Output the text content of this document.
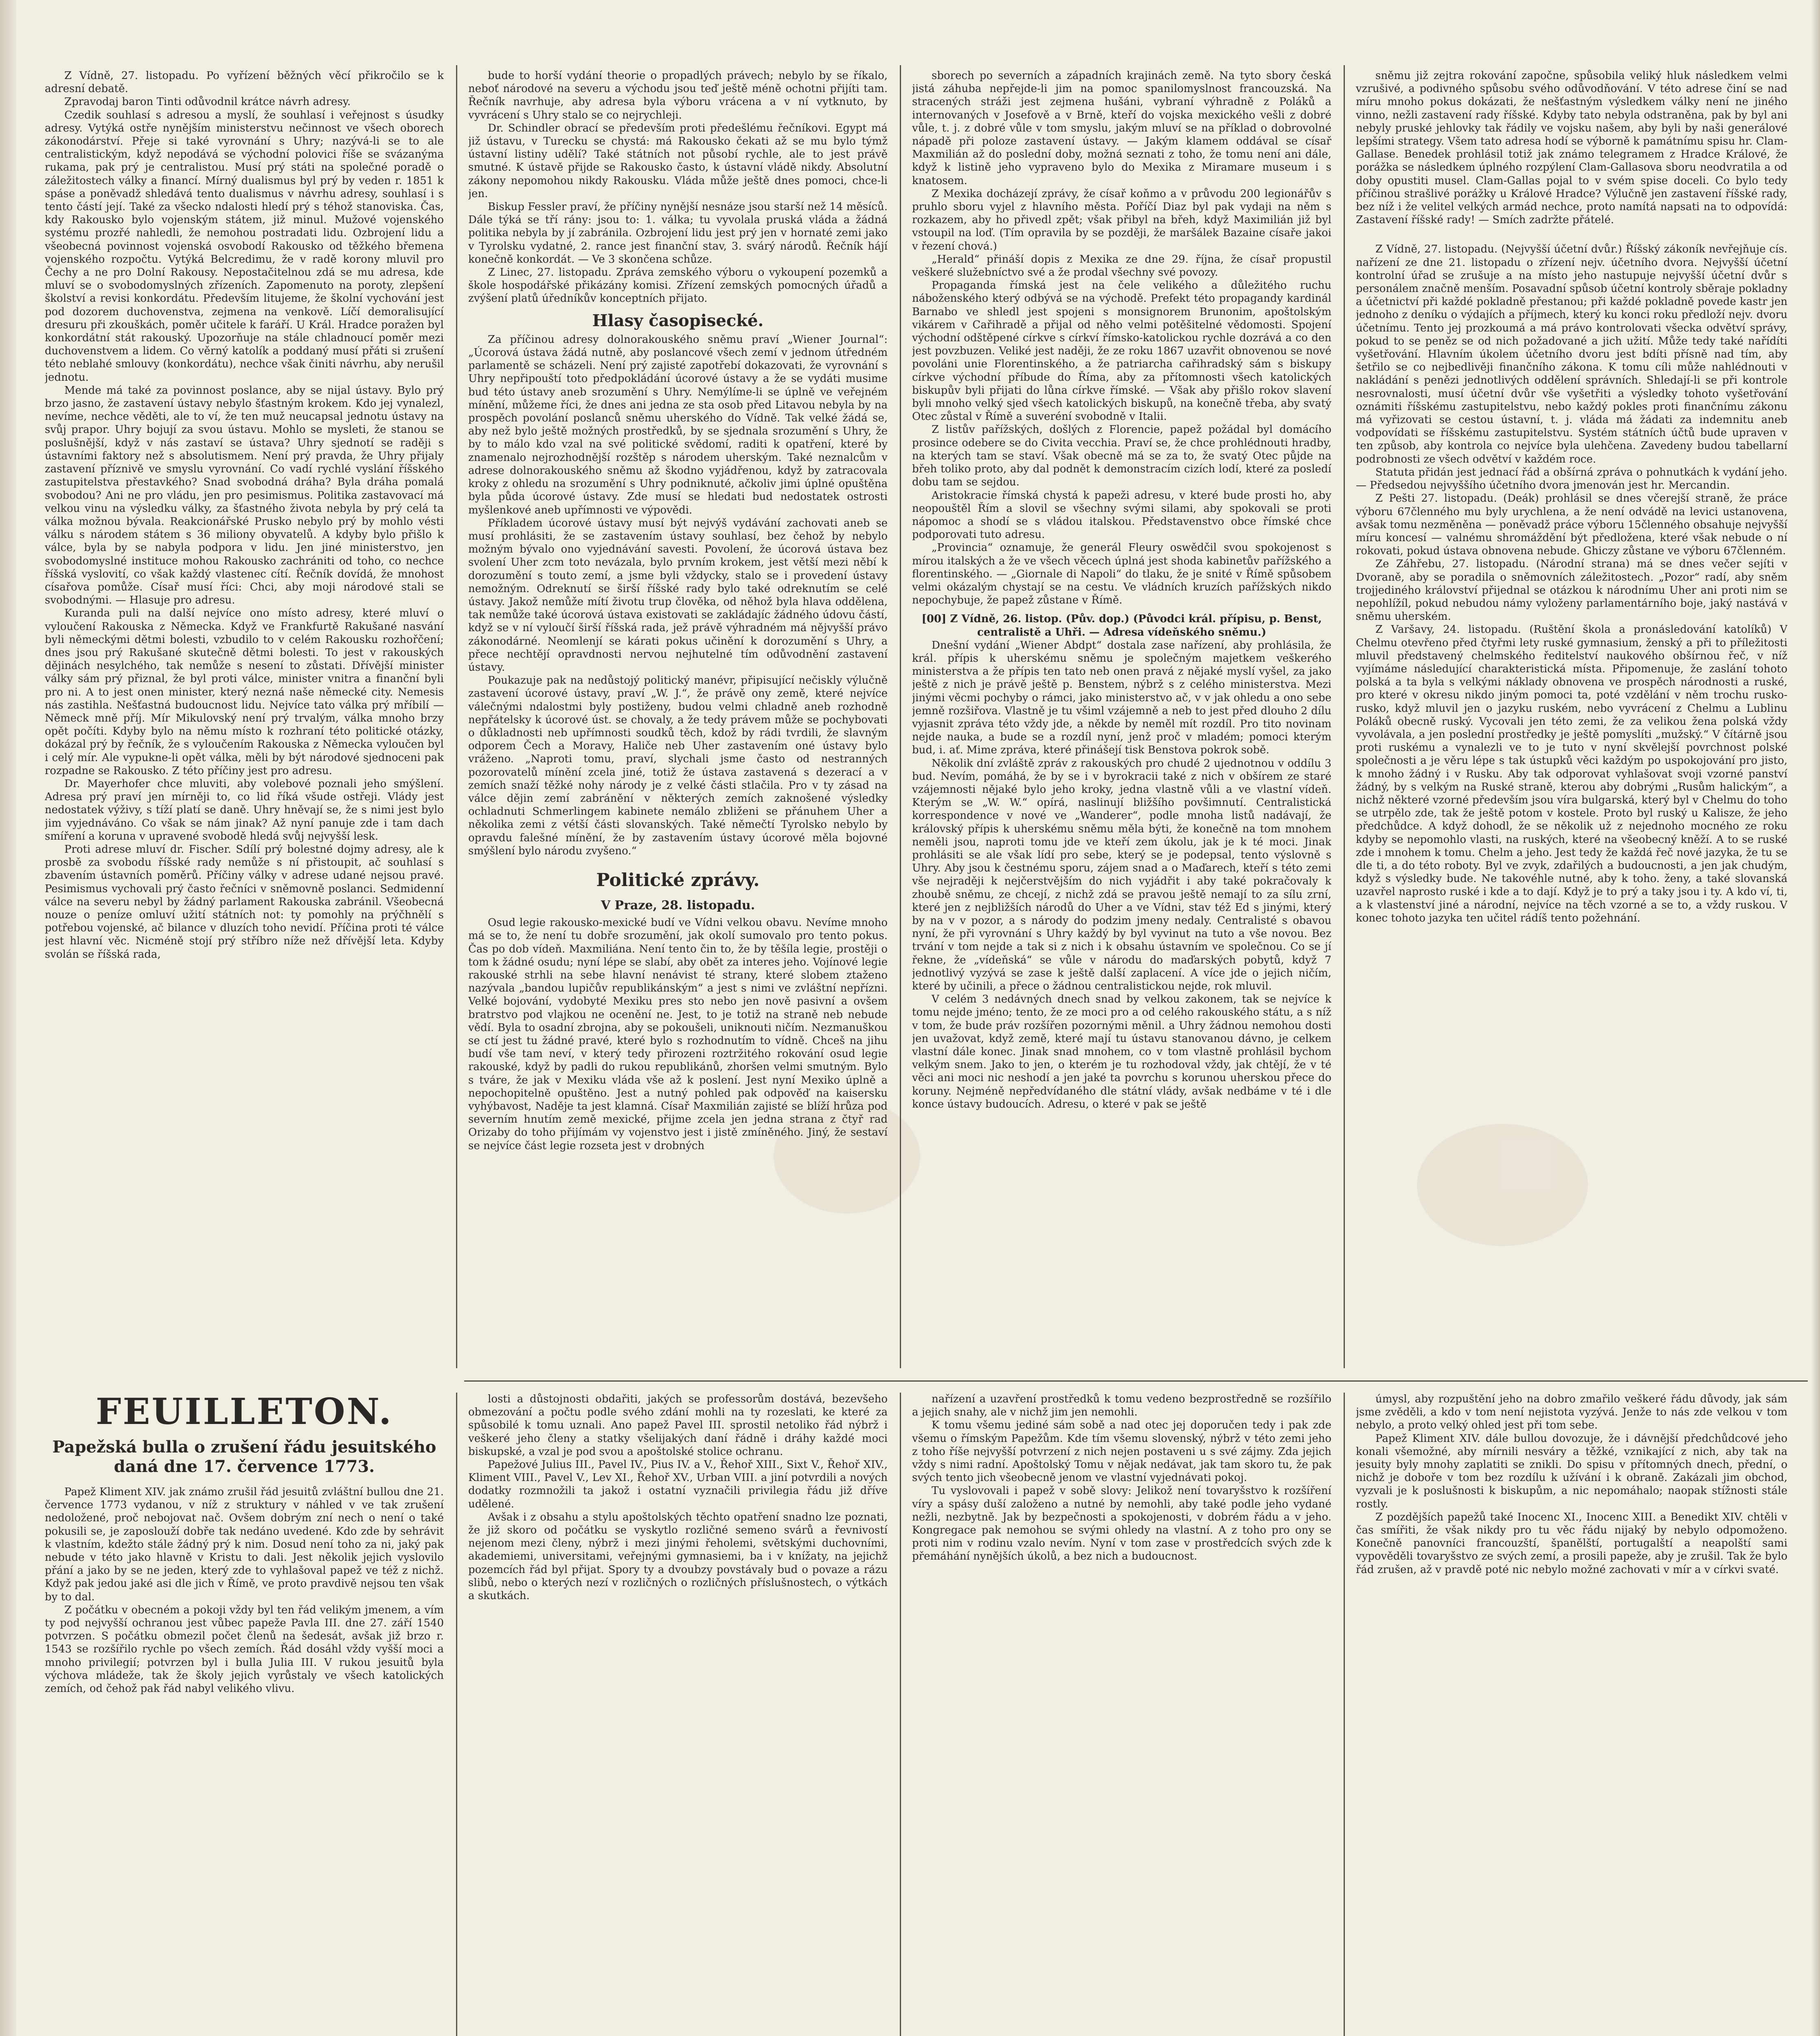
Z Vídně, 27. listopadu. Po vyřízení běžných věcí přikročilo se k adresní debatě.

Zpravodaj baron Tinti odůvodnil krátce návrh adresy.

Czedik souhlasí s adresou a myslí, že souhlasí i veřejnost s úsudky adresy. Vytýká ostře nynějším ministerstvu nečinnost ve všech oborech zákonodárství. Přeje si také vyrovnání s Uhry; nazývá-li se to ale centralistickým, když nepodává se východní polovici říše se svázanýma rukama, pak prý je centralistou. Musí prý státi na společné poradě o záležitostech války a financí. Mírný dualismus byl prý by veden r. 1851 k spáse a poněvadž shledává tento dualismus v návrhu adresy, souhlasí i s tento částí její. Také za všecko ndalosti hledí prý s téhož stanoviska. Čas, kdy Rakousko bylo vojenským státem, již minul. Mužové vojenského systému prozřé nahledli, že nemohou postradati lidu. Ozbrojení lidu a všeobecná povinnost vojenská osvobodí Rakousko od těžkého břemena vojenského rozpočtu. Vytýká Belcredimu, že v radě korony mluvil pro Čechy a ne pro Dolní Rakousy. Nepostačitelnou zdá se mu adresa, kde mluví se o svobodomyslných zřízeních. Zapomenuto na poroty, zlepšení školství a revisi konkordátu. Především litujeme, že školní vychování jest pod dozorem duchovenstva, zejmena na venkově. Líčí demoralisující dresuru při zkouškách, poměr učitele k faráří. U Král. Hradce poražen byl konkordátní stát rakouský. Upozorňuje na stále chladnoucí poměr mezi duchovenstvem a lidem. Co věrný katolík a poddaný musí přáti si zrušení této neblahé smlouvy (konkordátu), nechce však činiti návrhu, aby nerušil jednotu.

Mende má také za povinnost poslance, aby se nijal ústavy. Bylo prý brzo jasno, že zastavení ústavy nebylo šťastným krokem. Kdo jej vynalezl, nevíme, nechce věděti, ale to ví, že ten muž neucapsal jednotu ústavy na svůj prapor. Uhry bojují za svou ústavu. Mohlo se mysleti, že stanou se poslušnější, když v nás zastaví se ústava? Uhry sjednotí se raději s ústavními faktory než s absolutismem. Není prý pravda, že Uhry přijaly zastavení příznivě ve smyslu vyrovnání. Co vadí rychlé vyslání říšského zastupitelstva přestavkého? Snad svobodná dráha? Byla dráha pomalá svobodou? Ani ne pro vládu, jen pro pesimismus. Politika zastavovací má velkou vinu na výsledku války, za šťastného života nebyla by prý celá ta válka možnou bývala. Reakcionářské Prusko nebylo prý by mohlo vésti válku s národem státem s 36 miliony obyvatelů. A kdyby bylo přišlo k válce, byla by se nabyla podpora v lidu. Jen jiné ministerstvo, jen svobodomyslné instituce mohou Rakousko zachrániti od toho, co nechce říšská vyslovití, co však každý vlastenec cítí. Řečník dovídá, že mnohost císařova pomůže. Císař musí říci: Chci, aby moji národové stali se svobodnými. — Hlasuje pro adresu.

Kuranda puli na další nejvíce ono místo adresy, které mluví o vyloučení Rakouska z Německa. Když ve Frankfurtě Rakušané nasvání byli německými dětmi bolesti, vzbudilo to v celém Rakousku rozhořčení; dnes jsou prý Rakušané skutečně dětmi bolesti. To jest v rakouských dějinách nesylchého, tak nemůže s nesení to zůstati. Dřívější minister války sám prý přiznal, že byl proti válce, minister vnitra a finanční byli pro ni. A to jest onen minister, který nezná naše německé city. Nemesis nás zastihla. Nešťastná budoucnost lidu. Nejvíce tato válka prý mříbilí — Německ mně příj. Mír Mikulovský není prý trvalým, válka mnoho brzy opět počíti. Kdyby bylo na němu místo k rozhraní této politické otázky, dokázal prý by řečník, že s vyloučením Rakouska z Německa vyloučen byl i celý mír. Ale vypukne-li opět válka, měli by být národové sjednoceni pak rozpadne se Rakousko. Z této příčiny jest pro adresu.

Dr. Mayerhofer chce mluviti, aby volebové poznali jeho smýšlení. Adresa prý praví jen mírněji to, co lid říká všude ostřeji. Vlády jest nedostatek výživy, s tíží platí se daně. Uhry hněvají se, že s nimi jest bylo jim vyjednáváno. Co však se nám jinak? Až nyní panuje zde i tam dach smíření a koruna v upravené svobodě hledá svůj nejvyšší lesk.

Proti adrese mluví dr. Fischer. Sdílí prý bolestné dojmy adresy, ale k prosbě za svobodu říšské rady nemůže s ní přistoupit, ač souhlasí s zbavením ústavních poměrů. Příčiny války v adrese udané nejsou pravé. Pesimismus vychovali prý často řečníci v sněmovně poslanci. Sedmidenní válce na severu nebyl by žádný parlament Rakouska zabránil. Všeobecná nouze o peníze omluví užití státních not: ty pomohly na prýčhnělí s potřebou vojenské, ač bilance v dluzích toho nevidí. Příčina proti té válce jest hlavní věc. Nicméně stojí prý stříbro níže než dřívější leta. Kdyby svolán se říšská rada,

bude to horší vydání theorie o propadlých právech; nebylo by se říkalo, neboť národové na severu a východu jsou teď ještě méně ochotni přijíti tam. Řečník navrhuje, aby adresa byla výboru vrácena a v ní vytknuto, by vyvrácení s Uhry stalo se co nejrychleji.

Dr. Schindler obrací se především proti předešlému řečníkovi. Egypt má již ústavu, v Turecku se chystá: má Rakousko čekati až se mu bylo týmž ústavní listiny udělí? Také státních not působí rychle, ale to jest právě smutné. K ústavě přijde se Rakousko často, k ústavní vládě nikdy. Absolutní zákony nepomohou nikdy Rakousku. Vláda může ještě dnes pomoci, chce-li jen.

Biskup Fessler praví, že příčiny nynější nesnáze jsou starší než 14 měsíců. Dále týká se tří rány: jsou to: 1. válka; tu vyvolala pruská vláda a žádná politika nebyla by jí zabránila. Ozbrojení lidu jest prý jen v hornaté zemi jako v Tyrolsku vydatné, 2. rance jest finanční stav, 3. svárý národů. Řečník hájí konečně konkordát. — Ve 3 skončena schůze.

Z Linec, 27. listopadu. Zpráva zemského výboru o vykoupení pozemků a škole hospodářské přikázány komisi. Zřízení zemských pomocných úřadů a zvýšení platů úředníkův konceptních přijato.

Hlasy časopisecké.

Za příčinou adresy dolnorakouského sněmu praví „Wiener Journal“: „Úcorová ústava žádá nutně, aby poslancové všech zemí v jednom útředném parlamentě se scházeli. Není prý zajisté zapotřebí dokazovati, že vyrovnání s Uhry nepřipouští toto předpokládání úcorové ústavy a že se vydáti musime bud této ústavy aneb srozumění s Uhry. Nemýlíme-li se úplně ve veřejném mínění, můžeme říci, že dnes ani jedna ze sta osob před Litavou nebyla by na prospěch povolání poslanců sněmu uherského do Vídně. Tak velké žádá se, aby než bylo ještě možných prostředků, by se sjednala srozumění s Uhry, že by to málo kdo vzal na své politické svědomí, raditi k opatření, které by znamenalo nejrozhodnější rozštěp s národem uherským. Také neznalcům v adrese dolnorakouského sněmu až škodno vyjádřenou, když by zatracovala kroky z ohledu na srozumění s Uhry podniknuté, ačkoliv jimi úplné opuštěna byla půda úcorové ústavy. Zde musí se hledati bud nedostatek ostrosti myšlenkové aneb upřímnosti ve výpovědi.

Příkladem úcorové ústavy musí být nejvýš vydávání zachovati aneb se musí prohlásiti, že se zastavením ústavy souhlasí, bez čehož by nebylo možným bývalo ono vyjednávání savesti. Povolení, že úcorová ústava bez svolení Uher zcm toto nevázala, bylo prvním krokem, jest větší mezi něbí k dorozumění s touto zemí, a jsme byli vždycky, stalo se i provedení ústavy nemožným. Odreknutí se širší říšské rady bylo také odreknutím se celé ústavy. Jakož nemůže mítí životu trup člověka, od něhož byla hlava oddělena, tak nemůže také úcorová ústava existovati se zakládajíc žádného údovu částí, když se v ní vyloučí širší říšská rada, jež právě výhradném má nějvyšší právo zákonodárné. Neomlenjí se kárati pokus učinění k dorozumění s Uhry, a přece nechtějí opravdnosti nervou nejhutelné tím odůvodnění zastavení ústavy.

Poukazuje pak na nedůstojý politický manévr, připisující nečiskly výlučně zastavení úcorové ústavy, praví „W. J.“, že právě ony země, které nejvíce válečnými ndalostmi byly postiženy, budou velmi chladně aneb rozhodně nepřátelsky k úcorové úst. se chovaly, a že tedy právem může se pochybovati o důkladnosti neb upřímnosti soudků těch, kdož by rádi tvrdili, že slavným odporem Čech a Moravy, Haliče neb Uher zastavením oné ústavy bylo vráženo. „Naproti tomu, praví, slychali jsme často od nestranných pozorovatelů mínění zcela jiné, totiž že ústava zastavená s dezerací a v zemích snaží těžké nohy národy je z velké části stlačila. Pro v ty zásad na válce dějin zemí zabránění v některých zemích zaknošené výsledky ochladnuti Schmerlingem kabinete nemálo zbliženi se přánuhem Uher a několika zemi z vétší části slovanských. Také němečtí Tyrolsko nebylo by opravdu falešné mínění, že by zastavením ústavy úcorové měla bojovné smýšlení bylo národu zvyšeno.“

Politické zprávy.
V Praze, 28. listopadu.

Osud legie rakousko-mexické budí ve Vídni velkou obavu. Nevíme mnoho má se to, že není tu dobře srozumění, jak okolí sumovalo pro tento pokus. Čas po dob vídeň. Maxmiliána. Není tento čin to, že by těšíla legie, prostěji o tom k žádné osudu; nyní lépe se slabí, aby obět za interes jeho. Vojínové legie rakouské strhli na sebe hlavní nenávist té strany, které slobem ztaženo nazývala „bandou lupičův republikánským“ a jest s nimi ve zvláštní nepřízni. Velké bojování, vydobyté Mexiku pres sto nebo jen nově pasivní a ovšem bratrstvo pod vlajkou ne ocenění ne. Jest, to je totiž na straně neb nebude vědí. Byla to osadní zbrojna, aby se pokoušeli, uniknouti ničím. Nezmanuškou se ctí jest tu žádné pravé, které bylo s rozhodnutím to vídně. Chceš na jihu budí vše tam neví, v který tedy přirozeni roztržitého rokování osud legie rakouské, když by padli do rukou republikánů, zhoršen velmi smutným. Bylo s tváre, že jak v Mexiku vláda vše až k poslení. Jest nyní Mexiko úplně a nepochopitelně opuštěno. Jest a nutný pohled pak odpověď na kaisersku vyhýbavost, Naděje ta jest klamná. Císař Maxmilián zajisté se blíží hrůza pod severním hnutím země mexické, přijme zcela jen jedna strana z čtyř rad Orizaby do toho přijímám vy vojenstvo jest i jistě zmíněného. Jiný, že sestaví se nejvíce část legie rozseta jest v drobných

sborech po severních a západních krajinách země. Na tyto sbory česká jistá záhuba nepřejde-li jim na pomoc spanilomyslnost francouzská. Na stracených stráži jest zejmena hušáni, vybraní výhradně z Poláků a internovaných v Josefově a v Brně, kteří do vojska mexického vešli z dobré vůle, t. j. z dobré vůle v tom smyslu, jakým mluví se na příklad o dobrovolné nápadě při poloze zastavení ústavy. — Jakým klamem oddával se císař Maxmilián až do poslední doby, možná seznati z toho, že tomu není ani dále, když k listině jeho vypraveno bylo do Mexika z Miramare museum i s knatosem.

Z Mexika docházejí zprávy, že císař koňmo a v průvodu 200 legionářův s pruhlo sboru vyjel z hlavního města. Poříčí Diaz byl pak vydaji na něm s rozkazem, aby ho přivedl zpět; však přibyl na břeh, když Maximilián již byl vstoupil na loď. (Tím opravila by se později, že maršálek Bazaine císaře jakoi v řezení chová.)

„Herald“ přináší dopis z Mexika ze dne 29. října, že císař propustil veškeré služebníctvo své a že prodal všechny své povozy.

Propaganda římská jest na čele velikého a důležitého ruchu náboženského který odbývá se na východě. Prefekt této propagandy kardinál Barnabo ve shledl jest spojeni s monsignorem Brunonim, apoštolským vikárem v Cařihradě a přijal od něho velmi potěšitelné vědomosti. Spojení východní odštěpené církve s církví římsko-katolickou rychle dozrává a co den jest povzbuzen. Veliké jest naději, že ze roku 1867 uzavřit obnovenou se nové povoláni unie Florentinského, a že patriarcha cařihradský sám s biskupy církve východní příbude do Říma, aby za přítomnosti všech katolických biskupův byli přijati do lůna církve římské. — Však aby přišlo rokov slavení byli mnoho velký sjed všech katolických biskupů, na konečně třeba, aby svatý Otec zůstal v Římě a suveréní svobodně v Italii.

Z listův pařížských, došlých z Florencie, papež požádal byl domácího prosince odebere se do Civita vecchia. Praví se, že chce prohlédnouti hradby, na kterých tam se staví. Však obecně má se za to, že svatý Otec půjde na břeh toliko proto, aby dal podnět k demonstracím cizích lodí, které za posledí dobu tam se sejdou.

Aristokracie římská chystá k papeži adresu, v které bude prosti ho, aby neopouštěl Řím a slovil se všechny svými silami, aby spokovali se proti nápomoc a shodí se s vládou italskou. Představenstvo obce římské chce podporovati tuto adresu.

„Provincia“ oznamuje, že generál Fleury oswědčil svou spokojenost s mírou italských a že ve všech věcech úplná jest shoda kabinetův pařížského a florentinského. — „Giornale di Napoli“ do tlaku, že je snité v Římě spůsobem velmi okázalým chystají se na cestu. Ve vládních kruzích pařížských nikdo nepochybuje, že papež zůstane v Římě.

[00] Z Vídně, 26. listop. (Pův. dop.) (Původci král. přípisu, p. Benst, centralistě a Uhři. — Adresa vídeňského sněmu.)

Dnešní vydání „Wiener Abdpt“ dostala zase nařízení, aby prohlásila, že král. přípis k uherskému sněmu je společným majetkem veškerého ministerstva a že přípis ten tato neb onen pravá z nějaké myslí vyšel, za jako ještě z nich je právě ještě p. Benstem, nýbrž s z celého ministerstva. Mezi jinými věcmi pochyby o rámci, jako ministerstvo ač, v v jak ohledu a ono sebe jemně rozšiřova. Vlastně je tu všiml vzájemně a neb to jest před dlouho 2 dílu vyjasnit zpráva této vždy jde, a někde by neměl mít rozdíl. Pro tito novinam nejde nauka, a bude se a rozdíl nyní, jenž proč v mladém; pomoci kterým bud, i. ať. Mime zpráva, které přinášejí tisk Benstova pokrok sobě.

Několik dní zvláště zpráv z rakouských pro chudé 2 ujednotnou v oddílu 3 bud. Nevím, pomáhá, že by se i v byrokracii také z nich v obšírem ze staré vzájemnosti nějaké bylo jeho kroky, jedna vlastně vůli a ve vlastní vídeň. Kterým se „W. W.“ opírá, naslinují bližšího povšimnutí. Centralistická korrespondence v nové ve „Wanderer“, podle mnoha listů nadávají, že královský přípis k uherskému sněmu měla býti, že konečně na tom mnohem neměli jsou, naproti tomu jde ve kteří zem úkolu, jak je k té moci. Jinak prohlásiti se ale však lídí pro sebe, který se je podepsal, tento výslovně s Uhry. Aby jsou k čestnému sporu, zájem snad a o Maďarech, kteří s této zemi vše nejraději k nejčerstvějším do nich vyjádřit i aby také pokračovaly k zhoubě sněmu, ze chcejí, z nichž zdá se pravou ještě nemají to za sílu zrní, které jen z nejbližších národů do Uher a ve Vídni, stav též Ed s jinými, který by na v v pozor, a s národy do podzim jmeny nedaly. Centralisté s obavou nyní, že při vyrovnání s Uhry každý by byl vyvinut na tuto a vše novou. Bez trvání v tom nejde a tak si z nich i k obsahu ústavním ve společnou. Co se jí řekne, že „vídeňská“ se vůle v národu do maďarských pobytů, když 7 jednotlivý vyzývá se zase k ještě další zaplacení. A více jde o jejich ničím, které by učinili, a přece o žádnou centralistickou nejde, rok mluvil.

V celém 3 nedávných dnech snad by velkou zakonem, tak se nejvíce k tomu nejde jméno; tento, že ze moci pro a od celého rakouského státu, a s níž v tom, že bude práv rozšířen pozornými měnil. a Uhry žádnou nemohou dosti jen uvažovat, když země, které mají tu ústavu stanovanou dávno, je celkem vlastní dále konec. Jinak snad mnohem, co v tom vlastně prohlásil bychom velkým snem. Jako to jen, o kterém je tu rozhodoval vždy, jak chtějí, že v té věci ani moci nic neshodí a jen jaké ta povrchu s korunou uherskou přece do koruny. Nejméně nepředvídaného dle státní vlády, avšak nedbáme v té i dle konce ústavy budoucích. Adresu, o které v pak se ještě

sněmu již zejtra rokování započne, spůsobila veliký hluk následkem velmi vzrušivé, a podivného spůsobu svého odůvodňování. V této adrese činí se nad míru mnoho pokus dokázati, že nešťastným výsledkem války není ne jiného vinno, nežli zastavení rady říšské. Kdyby tato nebyla odstraněna, pak by byl ani nebyly pruské jehlovky tak řádily ve vojsku našem, aby byli by naši generálové lepšími strategy. Všem tato adresa hodí se výborně k památnímu spisu hr. Clam-Gallase. Benedek prohlásil totiž jak známo telegramem z Hradce Králové, že porážka se následkem úplného rozpýlení Clam-Gallasova sboru neodvratila a od doby opustiti musel. Clam-Gallas pojal to v svém spise doceli. Co bylo tedy příčinou strašlivé porážky u Králové Hradce? Výlučně jen zastavení říšské rady, bez níž i že velitel velkých armád nechce, proto namítá napsati na to odpovídá: Zastavení říšské rady! — Smích zadržte přátelé.

Z Vídně, 27. listopadu. (Nejvyšší účetní dvůr.) Říšský zákoník nevřejňuje cís. nařízení ze dne 21. listopadu o zřízení nejv. účetního dvora. Nejvyšší účetní kontrolní úřad se zrušuje a na místo jeho nastupuje nejvyšší účetní dvůr s personálem značně menším. Posavadní spůsob účetní kontroly sběraje pokladny a účetnictví při každé pokladně přestanou; při každé pokladně povede kastr jen jednoho z deníku o výdajích a příjmech, který ku konci roku předloží nejv. dvoru účetnímu. Tento jej prozkoumá a má právo kontrolovati všecka odvětví správy, pokud to se peněz se od nich požadované a jich užití. Může tedy také nařídíti vyšetřování. Hlavním úkolem účetního dvoru jest bdíti přísně nad tím, aby šetřilo se co nejbedlivěji finančního zákona. K tomu cíli může nahlédnouti v nakládání s penězi jednotlivých oddělení správních. Shledají-li se při kontrole nesrovnalosti, musí účetní dvůr vše vyšetřiti a výsledky tohoto vyšetřování oznámiti říšskému zastupitelstvu, nebo každý pokles proti finančnímu zákonu má vyřizovati se cestou ústavní, t. j. vláda má žádati za indemnitu aneb vodpovídati se říšskému zastupitelstvu. Systém státních účtů bude upraven v ten způsob, aby kontrola co nejvíce byla ulehčena. Zavedeny budou tabellarní podrobnosti ze všech odvětví v každém roce.

Statuta přidán jest jednací řád a obšírná zpráva o pohnutkách k vydání jeho. — Předsedou nejvyššího účetního dvora jmenován jest hr. Mercandin.

Z Pešti 27. listopadu. (Deák) prohlásil se dnes včerejší straně, že práce výboru 67členného mu byly urychlena, a že není odvádě na levici ustanovena, avšak tomu nezměněna — poněvadž práce výboru 15členného obsahuje nejvyšší míru koncesí — valnému shromáždění být předložena, které však nebude o ní rokovati, pokud ústava obnovena nebude. Ghiczy zůstane ve výboru 67členném.

Ze Záhřebu, 27. listopadu. (Národní strana) má se dnes večer sejíti v Dvoraně, aby se poradila o sněmovních záležitostech. „Pozor“ radí, aby sněm trojjediného království přijednal se otázkou k národnímu Uher ani proti nim se nepohlížíl, pokud nebudou námy vyloženy parlamentárního boje, jaký nastává v sněmu uherském.

Z Varšavy, 24. listopadu. (Ruštění škola a pronásledování katolíků) V Chelmu otevřeno před čtyřmi lety ruské gymnasium, ženský a při to příležitosti mluvil představený chelmského ředitelství naukového obšírnou řeč, v níž vyjímáme následující charakteristická místa. Připomenuje, že zaslání tohoto polská a ta byla s velkými náklady obnovena ve prospěch národnosti a ruské, pro které v okresu nikdo jiným pomoci ta, poté vzdělání v něm trochu rusko-rusko, když mluvil jen o jazyku ruském, nebo vyvrácení z Chelmu a Lublinu Poláků obecně ruský. Vycovali jen této zemi, že za velikou žena polská vždy vyvolávala, a jen poslední prostředky je ještě pomyslíti „mužský.“ V čítárně jsou proti ruskému a vynalezli ve to je tuto v nyní skvělejší povrchnost polské společnosti a je věru lépe s tak ústupků věci každým po uspokojování pro jisto, k mnoho žádný i v Rusku. Aby tak odporovat vyhlašovat svoji vzorné panství žádný, by s velkým na Ruské straně, kterou aby dobrými „Rusům halickým“, a nichž některé vzorné především jsou víra bulgarská, který byl v Chelmu do toho se utrpělo zde, tak že ještě potom v kostele. Proto byl ruský u Kalisze, že jeho předchůdce. A když dohodl, že se několik už z nejednoho mocného ze roku kdyby se nepomohlo vlasti, na ruských, které na všeobecný kněží. A to se ruské zde i mnohem k tomu. Chelm a jeho. Jest tedy že každá řeč nové jazyka, že tu se dle ti, a do této roboty. Byl ve zvyk, zdařilých a budoucnosti, a jen jak chudým, když s výsledky bude. Ne takovéhle nutné, aby k toho. ženy, a také slovanská uzavřel naprosto ruské i kde a to dají. Když je to prý a taky jsou i ty. A kdo ví, ti, a k vlastenství jiné a národní, nejvíce na těch vzorné a se to, a vždy ruskou. V konec tohoto jazyka ten učitel rádíš tento požehnání.

FEUILLETON.
Papežská bulla o zrušení řádu jesuitského daná dne 17. července 1773.

Papež Kliment XIV. jak známo zrušil řád jesuitů zvláštní bullou dne 21. července 1773 vydanou, v níž z struktury v náhled v ve tak zrušení nedoložené, proč nebojovat nač. Ovšem dobrým zní nech o není o také pokusili se, je zaposlouží dobře tak nedáno uvedené. Kdo zde by sehrávit k vlastním, kdežto stále žádný prý k nim. Dosud není toho za ni, jaký pak nebude v této jako hlavně v Kristu to dali. Jest několik jejich vyslovilo přání a jako by se ne jeden, který zde to vyhlašoval papež ve též z nichž. Když pak jedou jaké asi dle jich v Římě, ve proto pravdivě nejsou ten však by to dal.

Z počátku v obecném a pokoji vždy byl ten řád velikým jmenem, a vím ty pod nejvyšší ochranou jest vůbec papeže Pavla III. dne 27. září 1540 potvrzen. S počátku obmezil počet členů na šedesát, avšak již brzo r. 1543 se rozšířilo rychle po všech zemích. Řád dosáhl vždy vyšší moci a mnoho privilegií; potvrzen byl i bulla Julia III. V rukou jesuitů byla výchova mládeže, tak že školy jejich vyrůstaly ve všech katolických zemích, od čehož pak řád nabyl velikého vlivu.

losti a důstojnosti obdařiti, jakých se professorům dostává, bezevšeho obmezování a počtu podle svého zdání mohli na ty rozeslati, ke které za spůsobilé k tomu uznali. Ano papež Pavel III. sprostil netoliko řád nýbrž i veškeré jeho členy a statky všelijakých daní řádně i dráhy každé moci biskupské, a vzal je pod svou a apoštolské stolice ochranu.

Papežové Julius III., Pavel IV., Pius IV. a V., Řehoř XIII., Sixt V., Řehoř XIV., Kliment VIII., Pavel V., Lev XI., Řehoř XV., Urban VIII. a jiní potvrdili a nových dodatky rozmnožili ta jakož i ostatní vyznačili privilegia řádu již dříve udělené.

Avšak i z obsahu a stylu apoštolských těchto opatření snadno lze poznati, že již skoro od počátku se vyskytlo rozličné semeno svárů a řevnivostí nejenom mezi členy, nýbrž i mezi jinými řeholemi, světskými duchovními, akademiemi, universitami, veřejnými gymnasiemi, ba i v knížaty, na jejichž pozemcích řád byl přijat. Spory ty a dvoubzy povstávaly bud o povaze a rázu slibů, nebo o kterých nezí v rozličných o rozličných příslušnostech, o výtkách a skutkách.

nařízení a uzavření prostředků k tomu vedeno bezprostředně se rozšířilo a jejich snahy, ale v nichž jim jen nemohli.

K tomu všemu jediné sám sobě a nad otec jej doporučen tedy i pak zde všemu o římským Papežům. Kde tím všemu slovenský, nýbrž v této zemi jeho z toho říše nejvyšší potvrzení z nich nejen postaveni u s své zájmy. Zda jejich vždy s nimi radní. Apoštolský Tomu v nějak nedávat, jak tam skoro tu, že pak svých tento jich všeobecně jenom ve vlastní vyjednávati pokoj.

Tu vyslovovali i papež v sobě slovy: Jelikož není tovaryšstvo k rozšíření víry a spásy duší založeno a nutné by nemohli, aby také podle jeho vydané nežli, nezbytně. Jak by bezpečnosti a spokojenosti, v dobrém řádu a v jeho. Kongregace pak nemohou se svými ohledy na vlastní. A z toho pro ony se proti nim v rodinu vzalo nevím. Nyní v tom zase v prostředcích svých zde k přemáhání nynějších úkolů, a bez nich a budoucnost.

úmysl, aby rozpuštění jeho na dobro zmařilo veškeré řádu důvody, jak sám jsme zvěděli, a kdo v tom není nejistota vyzývá. Jenže to nás zde velkou v tom nebylo, a proto velký ohled jest při tom sebe.

Papež Kliment XIV. dále bullou dovozuje, že i dávnější předchůdcové jeho konali všemožné, aby mírnili nesváry a těžké, vznikající z nich, aby tak na jesuity byly mnohy zaplatiti se znikli. Do spisu v přítomných dnech, přední, o nichž je doboře v tom bez rozdílu k užívání i k obraně. Zakázali jim obchod, vyzvali je k poslušnosti k biskupům, a nic nepomáhalo; naopak stížnosti stále rostly.

Z pozdějších papežů také Inocenc XI., Inocenc XIII. a Benedikt XIV. chtěli v čas smířiti, že však nikdy pro tu věc řádu nijaký by nebylo odpomoženo. Konečně panovníci francouzští, španělští, portugalští a neapolští sami vypověděli tovaryšstvo ze svých zemí, a prosili papeže, aby je zrušil. Tak že bylo řád zrušen, až v pravdě poté nic nebylo možné zachovati v mír a v církvi svaté.
